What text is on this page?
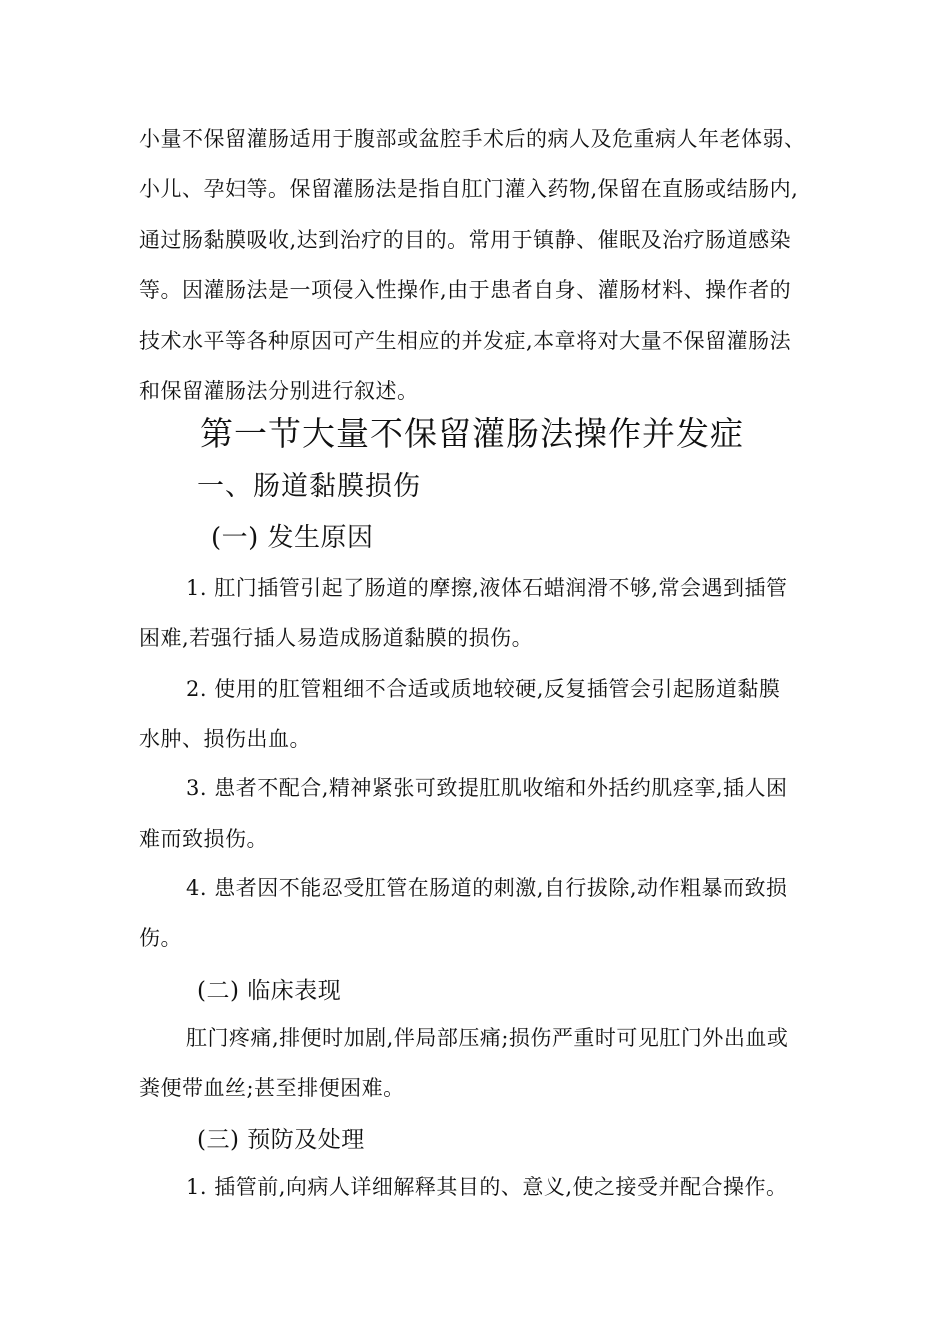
小量不保留灌肠适用于腹部或盆腔手术后的病人及危重病人年老体弱、
小儿、孕妇等。保留灌肠法是指自肛门灌入药物,保留在直肠或结肠内,
通过肠黏膜吸收,达到治疗的目的。常用于镇静、催眠及治疗肠道感染
等。因灌肠法是一项侵入性操作,由于患者自身、灌肠材料、操作者的
技术水平等各种原因可产生相应的并发症,本章将对大量不保留灌肠法
和保留灌肠法分别进行叙述。
第一节大量不保留灌肠法操作并发症
一、肠道黏膜损伤
(一) 发生原因
1. 肛门插管引起了肠道的摩擦,液体石蜡润滑不够,常会遇到插管
困难,若强行插人易造成肠道黏膜的损伤。
2. 使用的肛管粗细不合适或质地较硬,反复插管会引起肠道黏膜
水肿、损伤出血。
3. 患者不配合,精神紧张可致提肛肌收缩和外括约肌痉挛,插人困
难而致损伤。
4. 患者因不能忍受肛管在肠道的刺激,自行拔除,动作粗暴而致损
伤。
(二) 临床表现
肛门疼痛,排便时加剧,伴局部压痛;损伤严重时可见肛门外出血或
粪便带血丝;甚至排便困难。
(三) 预防及处理
1. 插管前,向病人详细解释其目的、意义,使之接受并配合操作。
